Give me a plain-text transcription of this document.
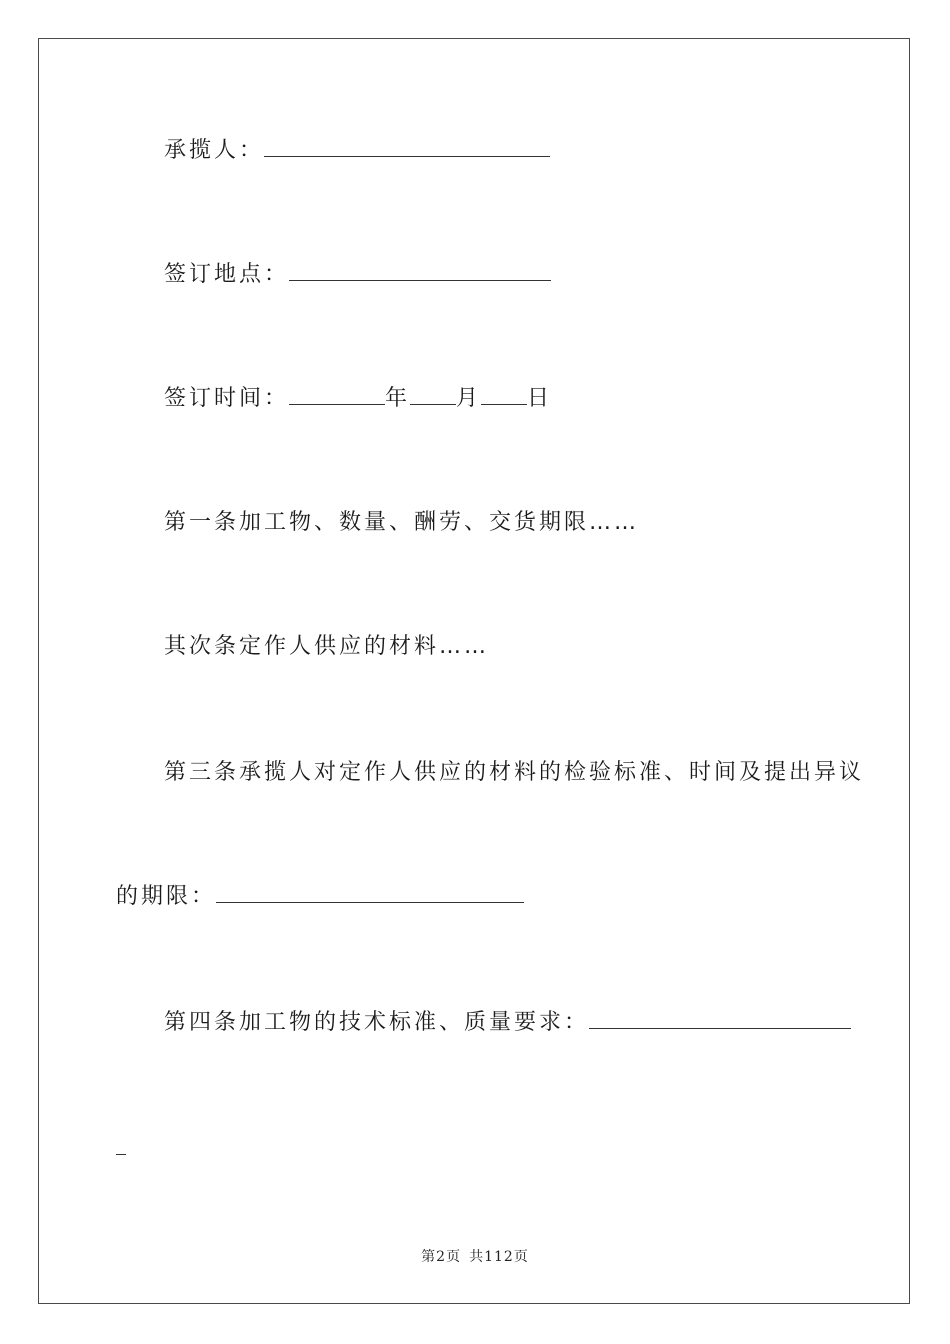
承揽人：
签订地点：
签订时间：	年 月 日
第一条加工物、数量、酬劳、交货期限……
其次条定作人供应的材料……
第三条承揽人对定作人供应的材料的检验标准、时间及提出异议
的期限：
第四条加工物的技术标准、质量要求：
第2页 共112页
